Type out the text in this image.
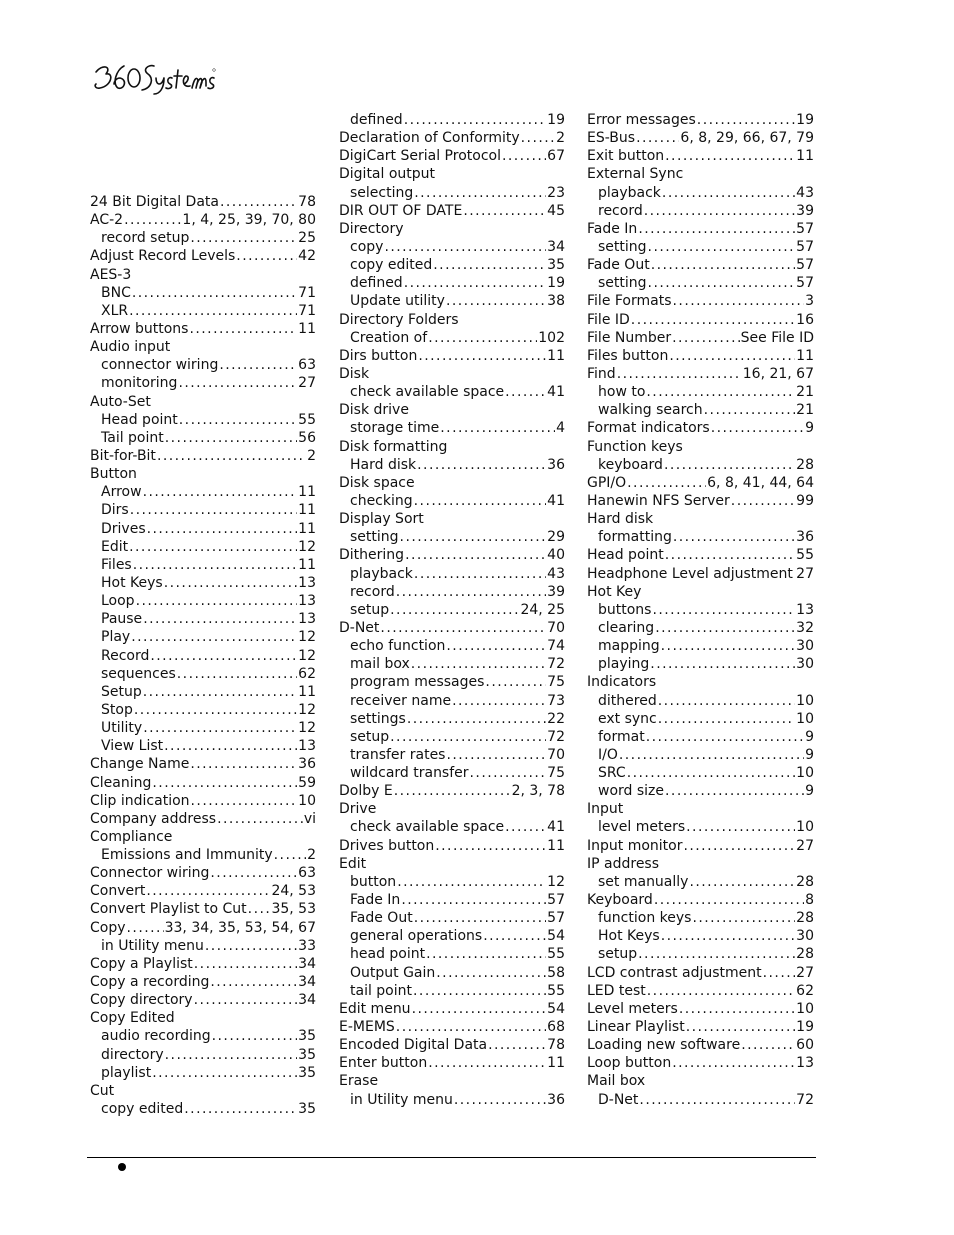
24 Bit Digital Data . . .	78
AC-2 . . .	1, 4, 25, 39, 70, 80
record setup . . .	25
Adjust Record Levels . . .	42
AES-3
BNC . . .	71
XLR . . .	71
Arrow buttons . . .	11
Audio input
connector wiring . . .	63
monitoring . . .	27
Auto-Set
Head point . . .	55
Tail point . . .	56
Bit-for-Bit . . .	2
Button
Arrow . . .	11
Dirs . . .	11
Drives . . .	11
Edit . . .	12
Files . . .	11
Hot Keys . . .	13
Loop . . .	13
Pause . . .	13
Play . . .	12
Record . . .	12
sequences . . .	62
Setup . . .	11
Stop . . .	12
Utility . . .	12
View List . . .	13
Change Name . . .	36
Cleaning . . .	59
Clip indication . . .	10
Company address . . .	vi
Compliance
Emissions and Immunity . . . 2
Connector wiring . . .	63
Convert . . .	24, 53
Convert Playlist to Cut . . . 35, 53
Copy . . .	33, 34, 35, 53, 54, 67
in Utility menu . . .	33
Copy a Playlist . . .	34
Copy a recording . . .	34
Copy directory . . .	34
Copy Edited
audio recording . . .	35
directory . . .	35
playlist . . .	35
Cut
copy edited . . .	35
defined . . .	19
Declaration of Conformity . . .	2
DigiCart Serial Protocol . . .	67
Digital output
selecting . . .	23
DIR OUT OF DATE . . .	45
Directory
copy . . .	34
copy edited . . .	35
defined . . .	19
Update utility . . .	38
Directory Folders
Creation of . . .	102
Dirs button . . .	11
Disk
check available space . . .	41
Disk drive
storage time . . .	4
Disk formatting
Hard disk . . .	36
Disk space
checking . . .	41
Display Sort
setting . . .	29
Dithering . . .	40
playback . . .	43
record . . .	39
setup . . .	24, 25
D-Net . . .	70
echo function . . .	74
mail box . . .	72
program messages . . .	75
receiver name . . .	73
settings . . .	22
setup . . .	72
transfer rates . . .	70
wildcard transfer . . .	75
Dolby E . . .	2, 3, 78
Drive
check available space . . .	41
Drives button . . .	11
Edit
button . . .	12
Fade In . . .	57
Fade Out . . .	57
general operations . . .	54
head point . . .	55
Output Gain . . .	58
tail point . . .	55
Edit menu . . .	54
E-MEMS . . .	68
Encoded Digital Data . . .	78
Enter button . . .	11
Erase
in Utility menu . . .	36
Error messages . . .	19
ES-Bus . . .	6, 8, 29, 66, 67, 79
Exit button . . .	11
External Sync
playback . . .	43
record . . .	39
Fade In . . .	57
setting . . .	57
Fade Out . . .	57
setting . . .	57
File Formats . . .	3
File ID . . .	16
File Number . . .	See File ID
Files button . . .	11
Find . . .	16, 21, 67
how to . . .	21
walking search . . .	21
Format indicators . . .	9
Function keys
keyboard . . .	28
GPI/O . . .	6, 8, 41, 44, 64
Hanewin NFS Server . . .	99
Hard disk
formatting . . .	36
Head point . . .	55
Headphone Level adjustment 27
Hot Key
buttons . . .	13
clearing . . .	32
mapping . . .	30
playing . . .	30
Indicators
dithered . . .	10
ext sync . . .	10
format . . .	9
I/O . . .	9
SRC . . .	10
word size . . .	9
Input
level meters . . .	10
Input monitor . . .	27
IP address
set manually . . .	28
Keyboard . . .	8
function keys . . .	28
Hot Keys . . .	30
setup . . .	28
LCD contrast adjustment . . . 27
LED test . . .	62
Level meters . . .	10
Linear Playlist . . .	19
Loading new software . . .	60
Loop button . . .	13
Mail box
D-Net . . .	72
